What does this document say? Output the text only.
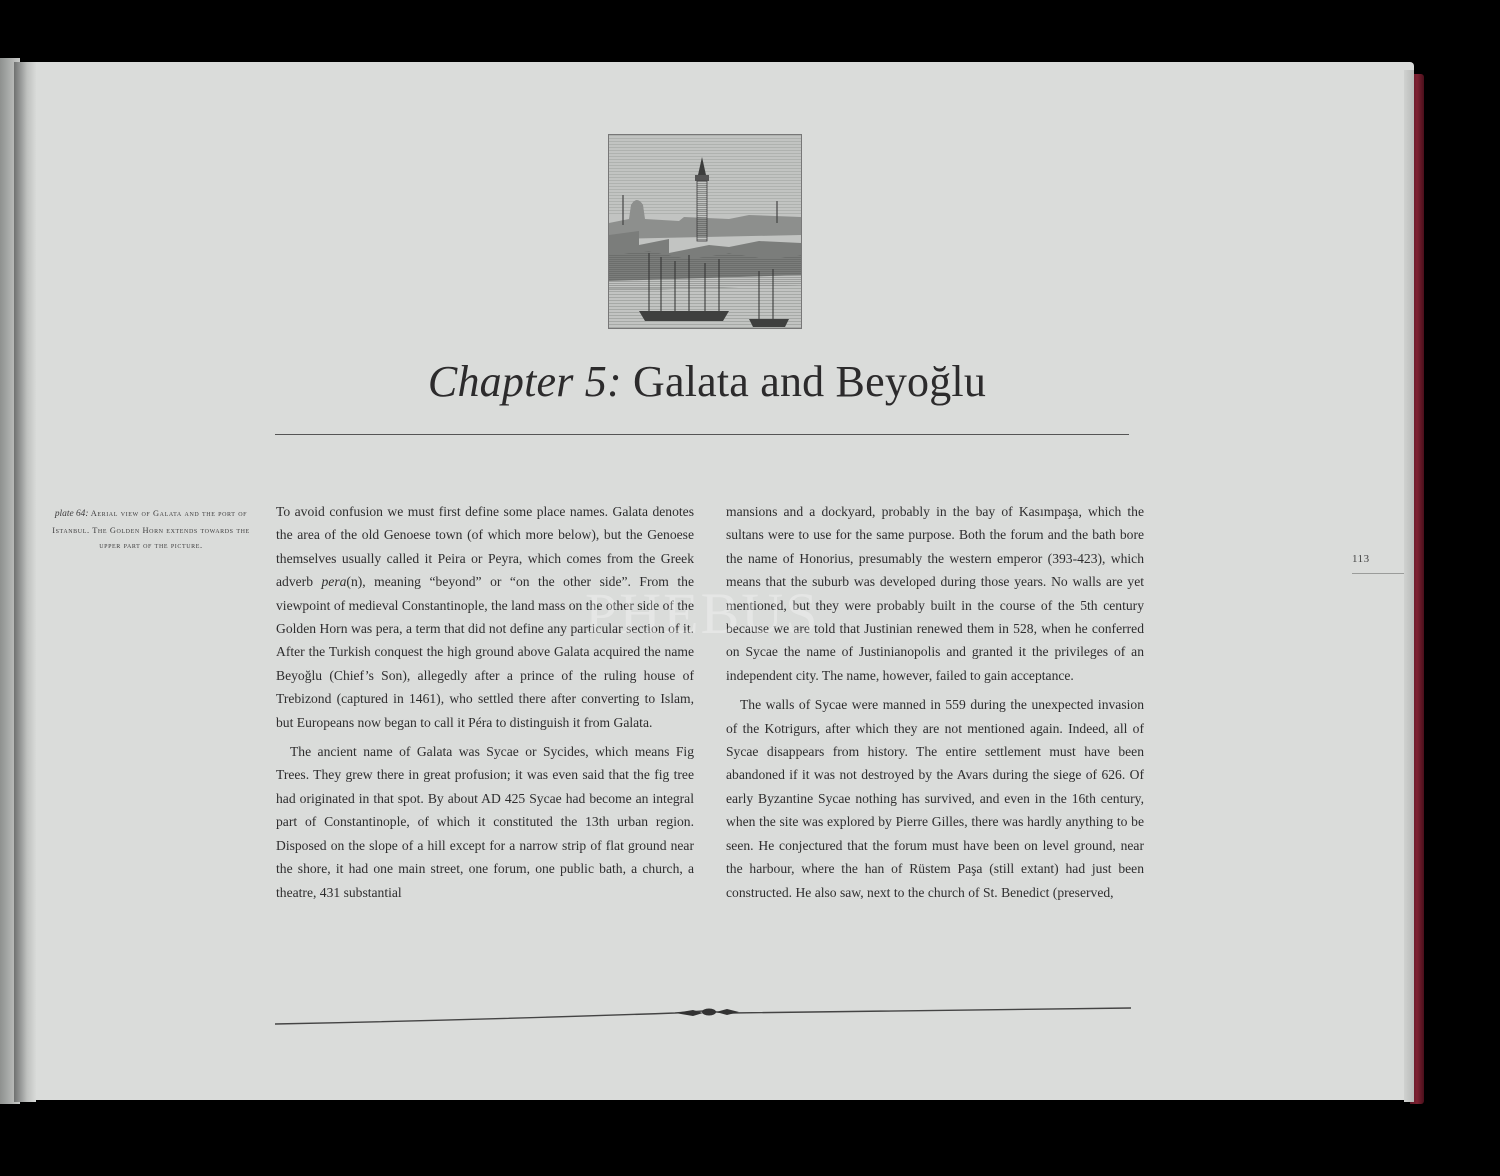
Chapter 5: Galata and Beyoğlu
plate 64: Aerial view of Galata and the port of Istanbul. The Golden Horn extends towards the upper part of the picture.

To avoid confusion we must first define some place names. Galata denotes the area of the old Genoese town (of which more below), but the Genoese themselves usually called it Peira or Peyra, which comes from the Greek adverb pera(n), meaning “beyond” or “on the other side”. From the viewpoint of medieval Constantinople, the land mass on the other side of the Golden Horn was pera, a term that did not define any particular section of it. After the Turkish conquest the high ground above Galata acquired the name Beyoğlu (Chief’s Son), allegedly after a prince of the ruling house of Trebizond (captured in 1461), who settled there after converting to Islam, but Europeans now began to call it Péra to distinguish it from Galata.

The ancient name of Galata was Sycae or Sycides, which means Fig Trees. They grew there in great profusion; it was even said that the fig tree had originated in that spot. By about AD 425 Sycae had become an integral part of Constantinople, of which it constituted the 13th urban region. Disposed on the slope of a hill except for a narrow strip of flat ground near the shore, it had one main street, one forum, one public bath, a church, a theatre, 431 substantial

mansions and a dockyard, probably in the bay of Kasımpaşa, which the sultans were to use for the same purpose. Both the forum and the bath bore the name of Honorius, presumably the western emperor (393-423), which means that the suburb was developed during those years. No walls are yet mentioned, but they were probably built in the course of the 5th century because we are told that Justinian renewed them in 528, when he conferred on Sycae the name of Justinianopolis and granted it the privileges of an independent city. The name, however, failed to gain acceptance.

The walls of Sycae were manned in 559 during the unexpected invasion of the Kotrigurs, after which they are not mentioned again. Indeed, all of Sycae disappears from history. The entire settlement must have been abandoned if it was not destroyed by the Avars during the siege of 626. Of early Byzantine Sycae nothing has survived, and even in the 16th century, when the site was explored by Pierre Gilles, there was hardly anything to be seen. He conjectured that the forum must have been on level ground, near the harbour, where the han of Rüstem Paşa (still extant) had just been constructed. He also saw, next to the church of St. Benedict (preserved,

113
PHEBUS
